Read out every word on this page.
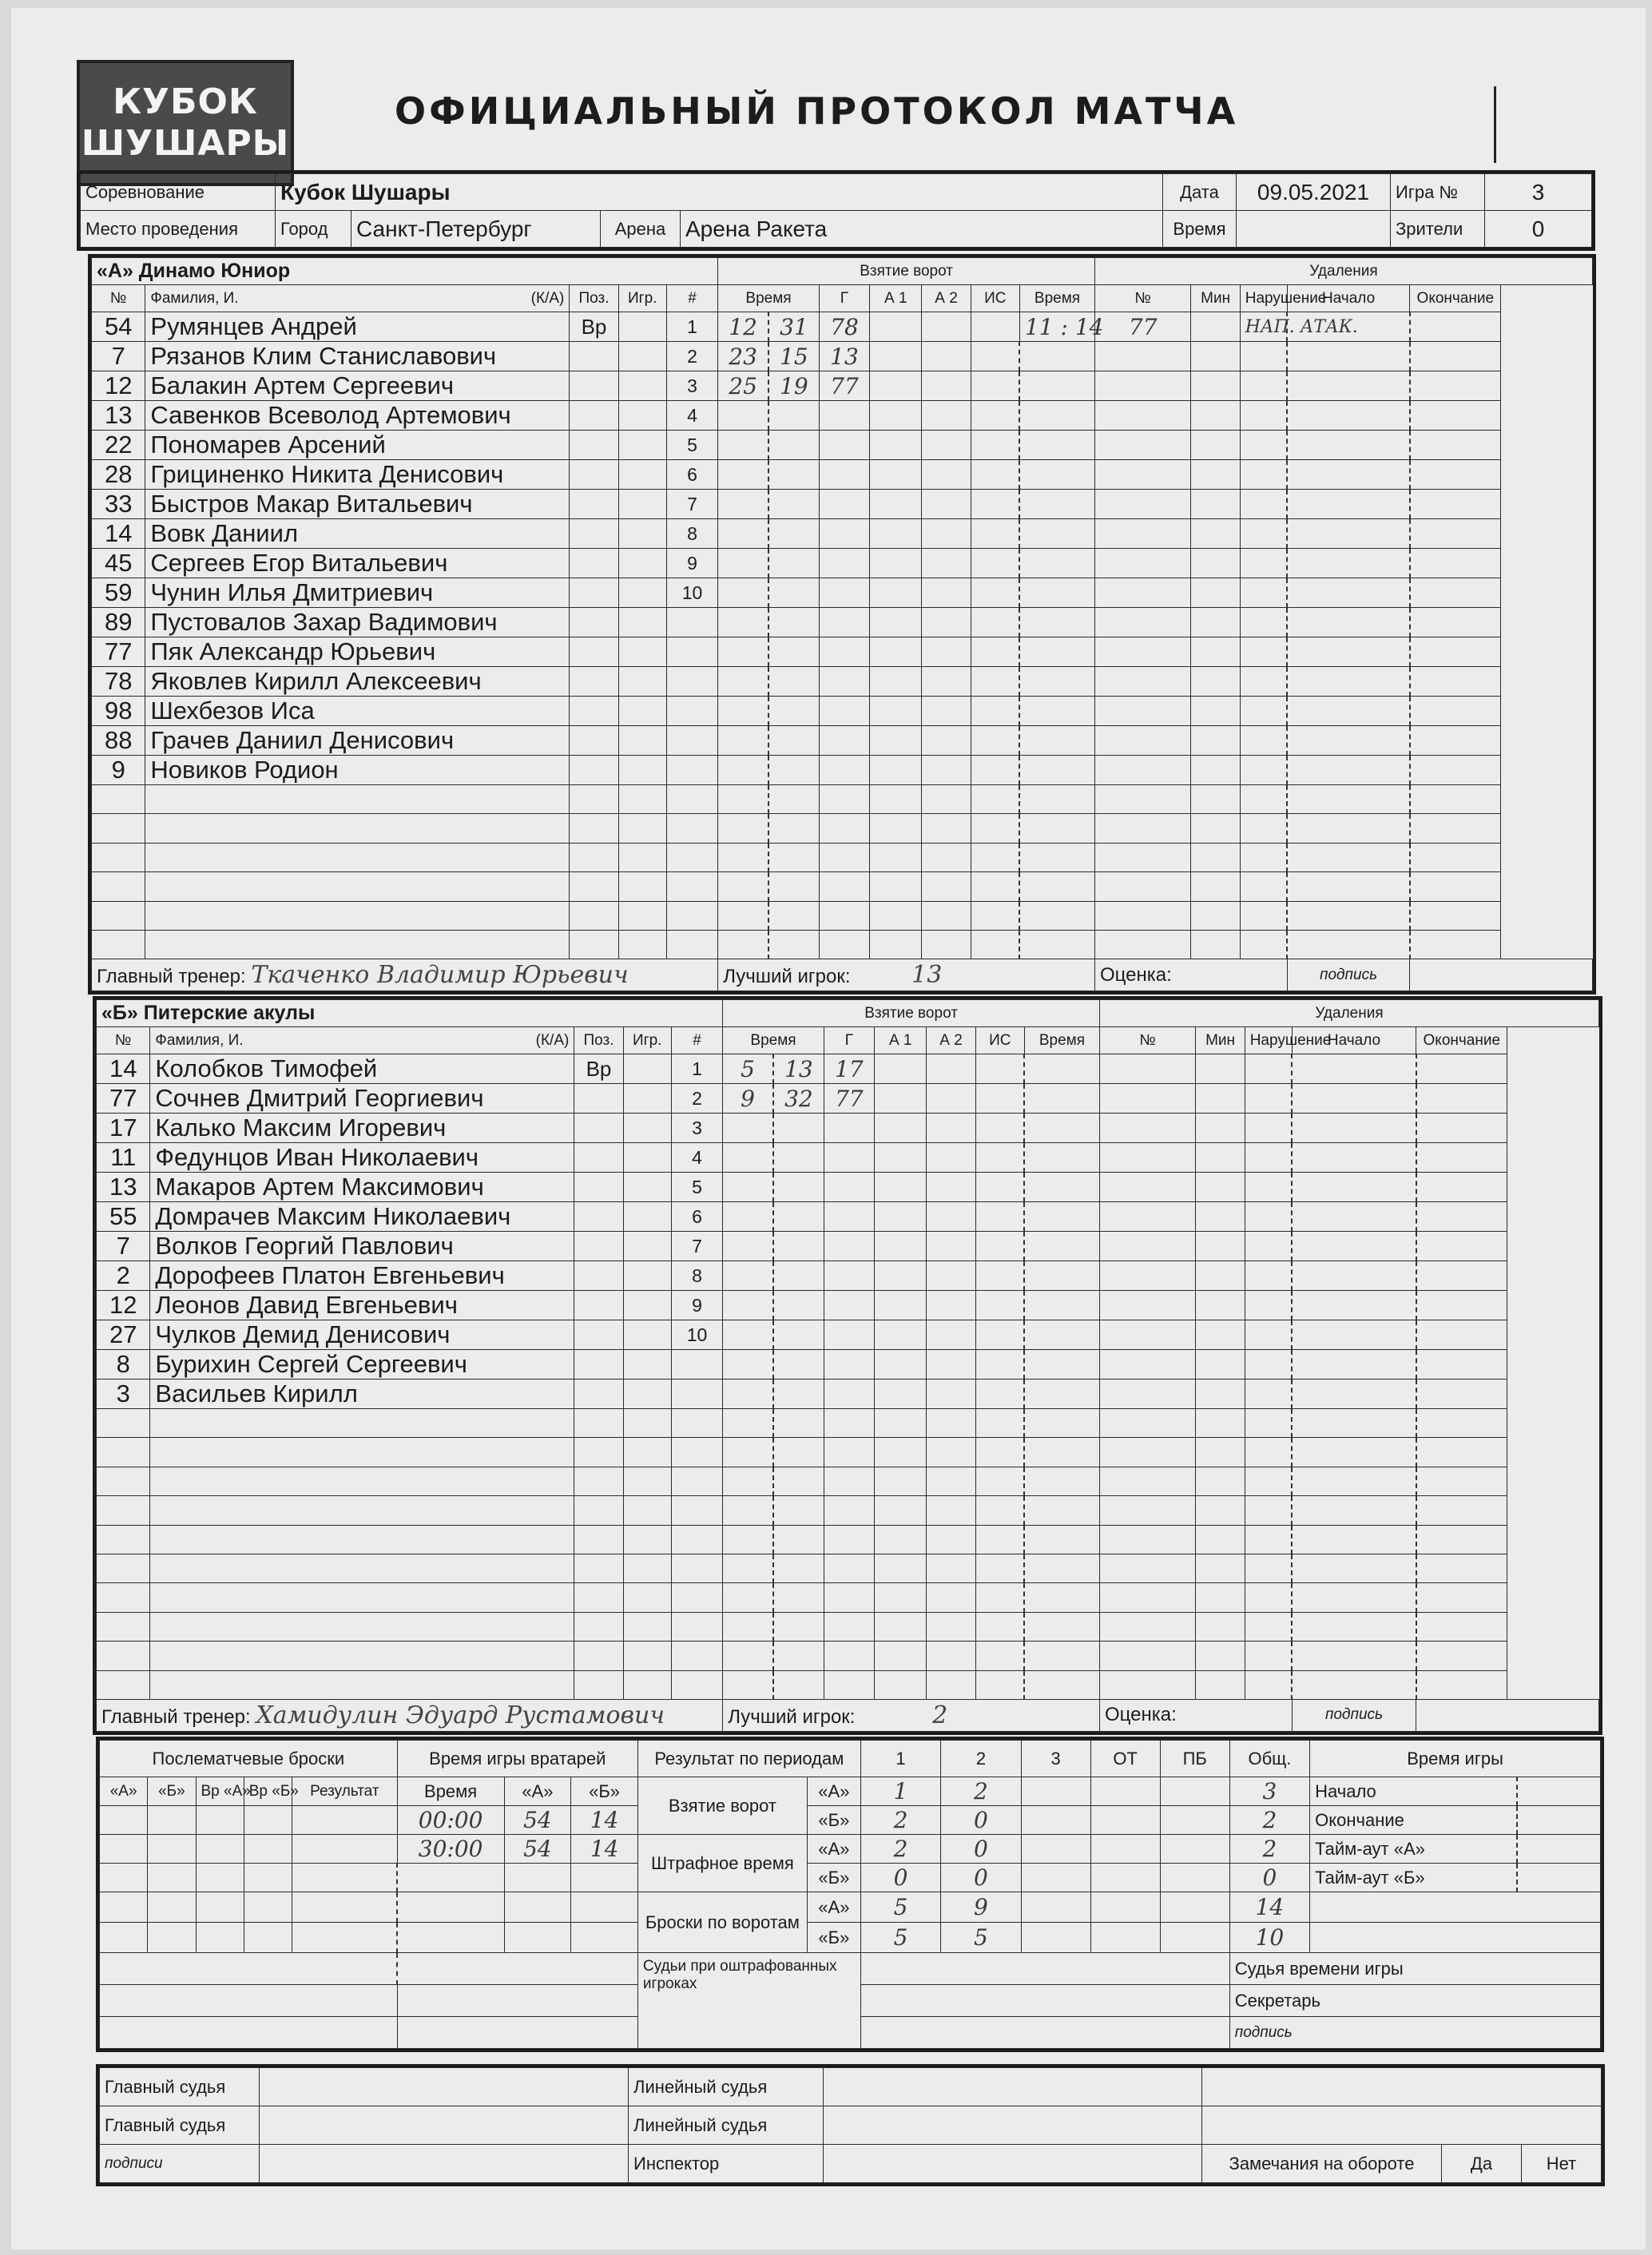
КУБОК
ШУШАРЫ
ОФИЦИАЛЬНЫЙ ПРОТОКОЛ МАТЧА
Соревнование	Кубок Шушары				Дата	09.05.2021	Игра №	3
Место проведения	Город	Санкт-Петербург	Арена	Арена Ракета	Время		Зрители	0
«А» Динамо Юниор					Взятие ворот							Удаления				
№	Фамилия, И. (К/А)	Поз.	Игр.	#	Время		Г	А 1	А 2	ИС	Время	№	Мин	Нарушение	Начало	Окончание
54	Румянцев Андрей	Вр		1	12	31	78				11 : 14	77		НАП. АТАК.		
7	Рязанов Клим Станиславович			2	23	15	13									
12	Балакин Артем Сергеевич			3	25	19	77									
13	Савенков Всеволод Артемович			4												
22	Пономарев Арсений			5												
28	Грициненко Никита Денисович			6												
33	Быстров Макар Витальевич			7												
14	Вовк Даниил			8												
45	Сергеев Егор Витальевич			9												
59	Чунин Илья Дмитриевич			10												
89	Пустовалов Захар Вадимович															
77	Пяк Александр Юрьевич															
78	Яковлев Кирилл Алексеевич															
98	Шехбезов Иса															
88	Грачев Даниил Денисович															
9	Новиков Родион															

Главный тренер: Ткаченко Владимир Юрьевич					Лучший игрок: 13							Оценка:			подпись	
«Б» Питерские акулы					Взятие ворот							Удаления				
№	Фамилия, И. (К/А)	Поз.	Игр.	#	Время		Г	А 1	А 2	ИС	Время	№	Мин	Нарушение	Начало	Окончание
14	Колобков Тимофей	Вр		1	5	13	17									
77	Сочнев Дмитрий Георгиевич			2	9	32	77									
17	Калько Максим Игоревич			3												
11	Федунцов Иван Николаевич			4												
13	Макаров Артем Максимович			5												
55	Домрачев Максим Николаевич			6												
7	Волков Георгий Павлович			7												
2	Дорофеев Платон Евгеньевич			8												
12	Леонов Давид Евгеньевич			9												
27	Чулков Демид Денисович			10												
8	Бурихин Сергей Сергеевич															
3	Васильев Кирилл															

Главный тренер: Хамидулин Эдуард Рустамович					Лучший игрок: 2							Оценка:			подпись	
Послематчевые броски					Время игры вратарей			Результат по периодам		1	2	3	ОТ	ПБ	Общ.	Время игры	
«А»	«Б»	Вр «А»	Вр «Б»	Результат	Время	«А»	«Б»	Взятие ворот	«А»	1	2				3	Начало	
					00:00	54	14		«Б»	2	0				2	Окончание	
					30:00	54	14	Штрафное время	«А»	2	0				2	Тайм-аут «А»	
									«Б»	0	0				0	Тайм-аут «Б»	
								Броски по воротам	«А»	5	9				14		
									«Б»	5	5				10		
								Судьи при оштрафованных игроках							Судья времени игры		
															Секретарь		
															подпись		
Главный судья		Линейный судья				
Главный судья		Линейный судья				
подписи		Инспектор		Замечания на обороте	Да	Нет
